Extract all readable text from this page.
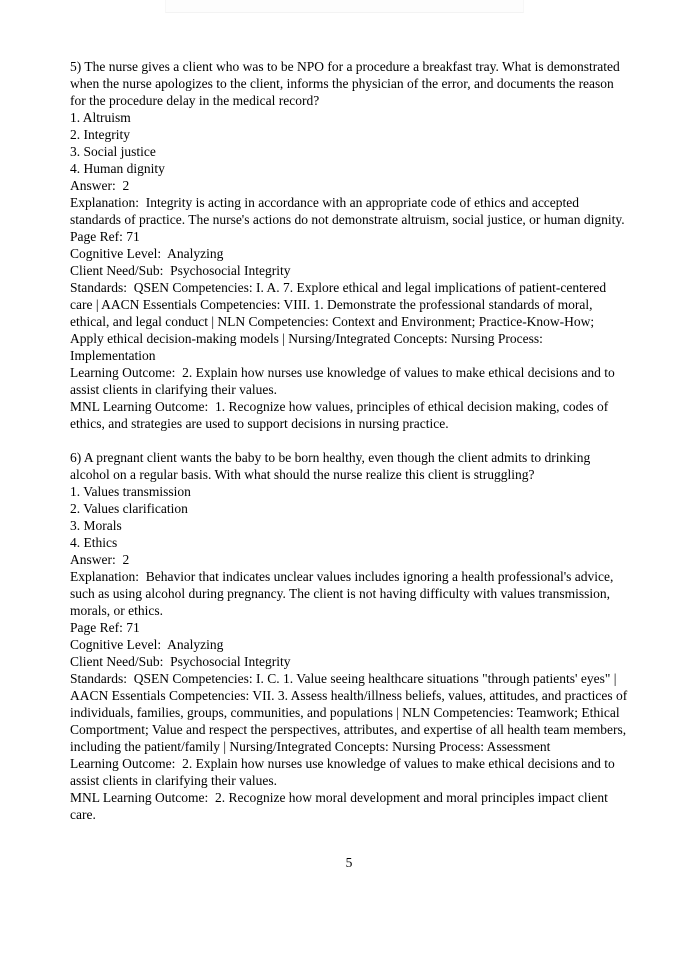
5) The nurse gives a client who was to be NPO for a procedure a breakfast tray. What is demonstrated when the nurse apologizes to the client, informs the physician of the error, and documents the reason for the procedure delay in the medical record?

1. Altruism

2. Integrity

3. Social justice

4. Human dignity

Answer:  2

Explanation:  Integrity is acting in accordance with an appropriate code of ethics and accepted standards of practice. The nurse's actions do not demonstrate altruism, social justice, or human dignity.

Page Ref: 71

Cognitive Level:  Analyzing

Client Need/Sub:  Psychosocial Integrity

Standards:  QSEN Competencies: I. A. 7. Explore ethical and legal implications of patient-centered care | AACN Essentials Competencies: VIII. 1. Demonstrate the professional standards of moral, ethical, and legal conduct | NLN Competencies: Context and Environment; Practice-Know-How; Apply ethical decision-making models | Nursing/Integrated Concepts: Nursing Process: Implementation

Learning Outcome:  2. Explain how nurses use knowledge of values to make ethical decisions and to assist clients in clarifying their values.

MNL Learning Outcome:  1. Recognize how values, principles of ethical decision making, codes of ethics, and strategies are used to support decisions in nursing practice.

6) A pregnant client wants the baby to be born healthy, even though the client admits to drinking alcohol on a regular basis. With what should the nurse realize this client is struggling?

1. Values transmission

2. Values clarification

3. Morals

4. Ethics

Answer:  2

Explanation:  Behavior that indicates unclear values includes ignoring a health professional's advice, such as using alcohol during pregnancy. The client is not having difficulty with values transmission, morals, or ethics.

Page Ref: 71

Cognitive Level:  Analyzing

Client Need/Sub:  Psychosocial Integrity

Standards:  QSEN Competencies: I. C. 1. Value seeing healthcare situations "through patients' eyes" | AACN Essentials Competencies: VII. 3. Assess health/illness beliefs, values, attitudes, and practices of individuals, families, groups, communities, and populations | NLN Competencies: Teamwork; Ethical Comportment; Value and respect the perspectives, attributes, and expertise of all health team members, including the patient/family | Nursing/Integrated Concepts: Nursing Process: Assessment

Learning Outcome:  2. Explain how nurses use knowledge of values to make ethical decisions and to assist clients in clarifying their values.

MNL Learning Outcome:  2. Recognize how moral development and moral principles impact client care.

5
